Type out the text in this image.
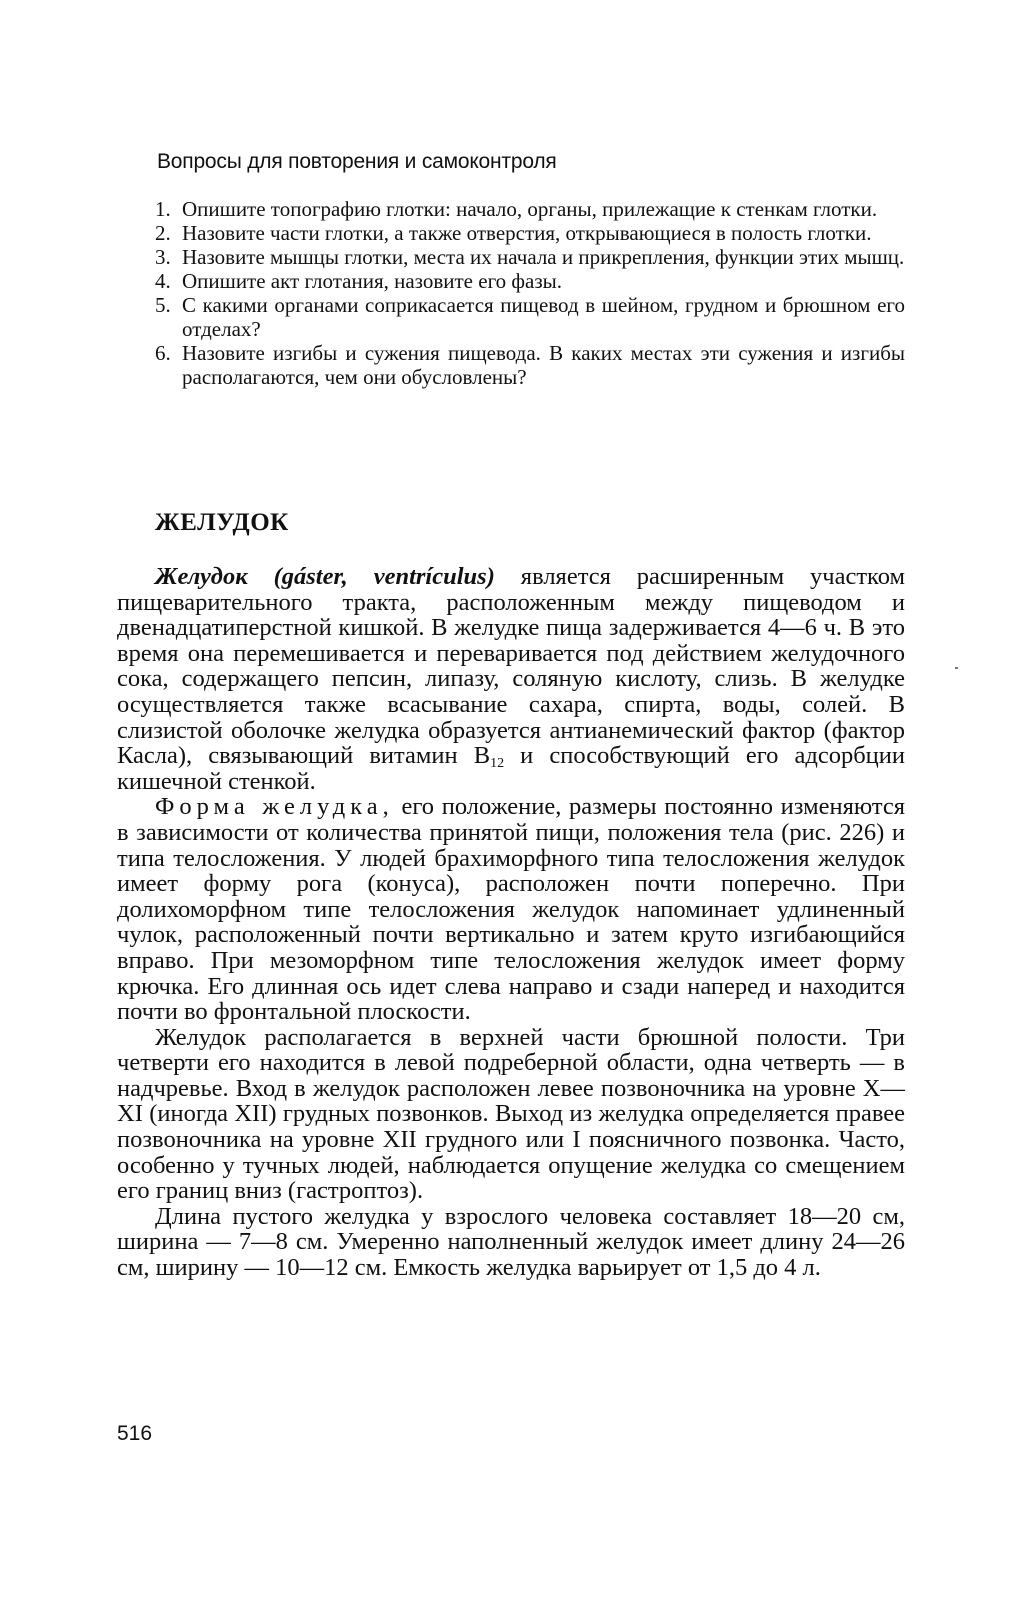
Вопросы для повторения и самоконтроля
1. Опишите топографию глотки: начало, органы, прилежащие к стенкам глотки.
2. Назовите части глотки, а также отверстия, открывающиеся в полость глотки.
3. Назовите мышцы глотки, места их начала и прикрепления, функции этих мышц.
4. Опишите акт глотания, назовите его фазы.
5. С какими органами соприкасается пищевод в шейном, грудном и брюшном его отделах?
6. Назовите изгибы и сужения пищевода. В каких местах эти сужения и изгибы располагаются, чем они обусловлены?
ЖЕЛУДОК

Желудок (gáster, ventrículus) является расширенным участком пищеварительного тракта, расположенным между пищеводом и двенадцатиперстной кишкой. В желудке пища задерживается 4—6 ч. В это время она перемешивается и переваривается под действием желудочного сока, содержащего пепсин, липазу, соляную кислоту, слизь. В желудке осуществляется также всасывание сахара, спирта, воды, солей. В слизистой оболочке желудка образуется антианемический фактор (фактор Касла), связывающий витамин $B_{12}$ и способствующий его адсорбции кишечной стенкой.

Форма желудка, его положение, размеры постоянно изменяются в зависимости от количества принятой пищи, положения тела (рис. 226) и типа телосложения. У людей брахиморфного типа телосложения желудок имеет форму рога (конуса), расположен почти поперечно. При долихоморфном типе телосложения желудок напоминает удлиненный чулок, расположенный почти вертикально и затем круто изгибающийся вправо. При мезоморфном типе телосложения желудок имеет форму крючка. Его длинная ось идет слева направо и сзади наперед и находится почти во фронтальной плоскости.

Желудок располагается в верхней части брюшной полости. Три четверти его находится в левой подреберной области, одна четверть — в надчревье. Вход в желудок расположен левее позвоночника на уровне X—XI (иногда XII) грудных позвонков. Выход из желудка определяется правее позвоночника на уровне XII грудного или I поясничного позвонка. Часто, особенно у тучных людей, наблюдается опущение желудка со смещением его границ вниз (гастроптоз).

Длина пустого желудка у взрослого человека составляет 18—20 см, ширина — 7—8 см. Умеренно наполненный желудок имеет длину 24—26 см, ширину — 10—12 см. Емкость желудка варьирует от 1,5 до 4 л.

516
